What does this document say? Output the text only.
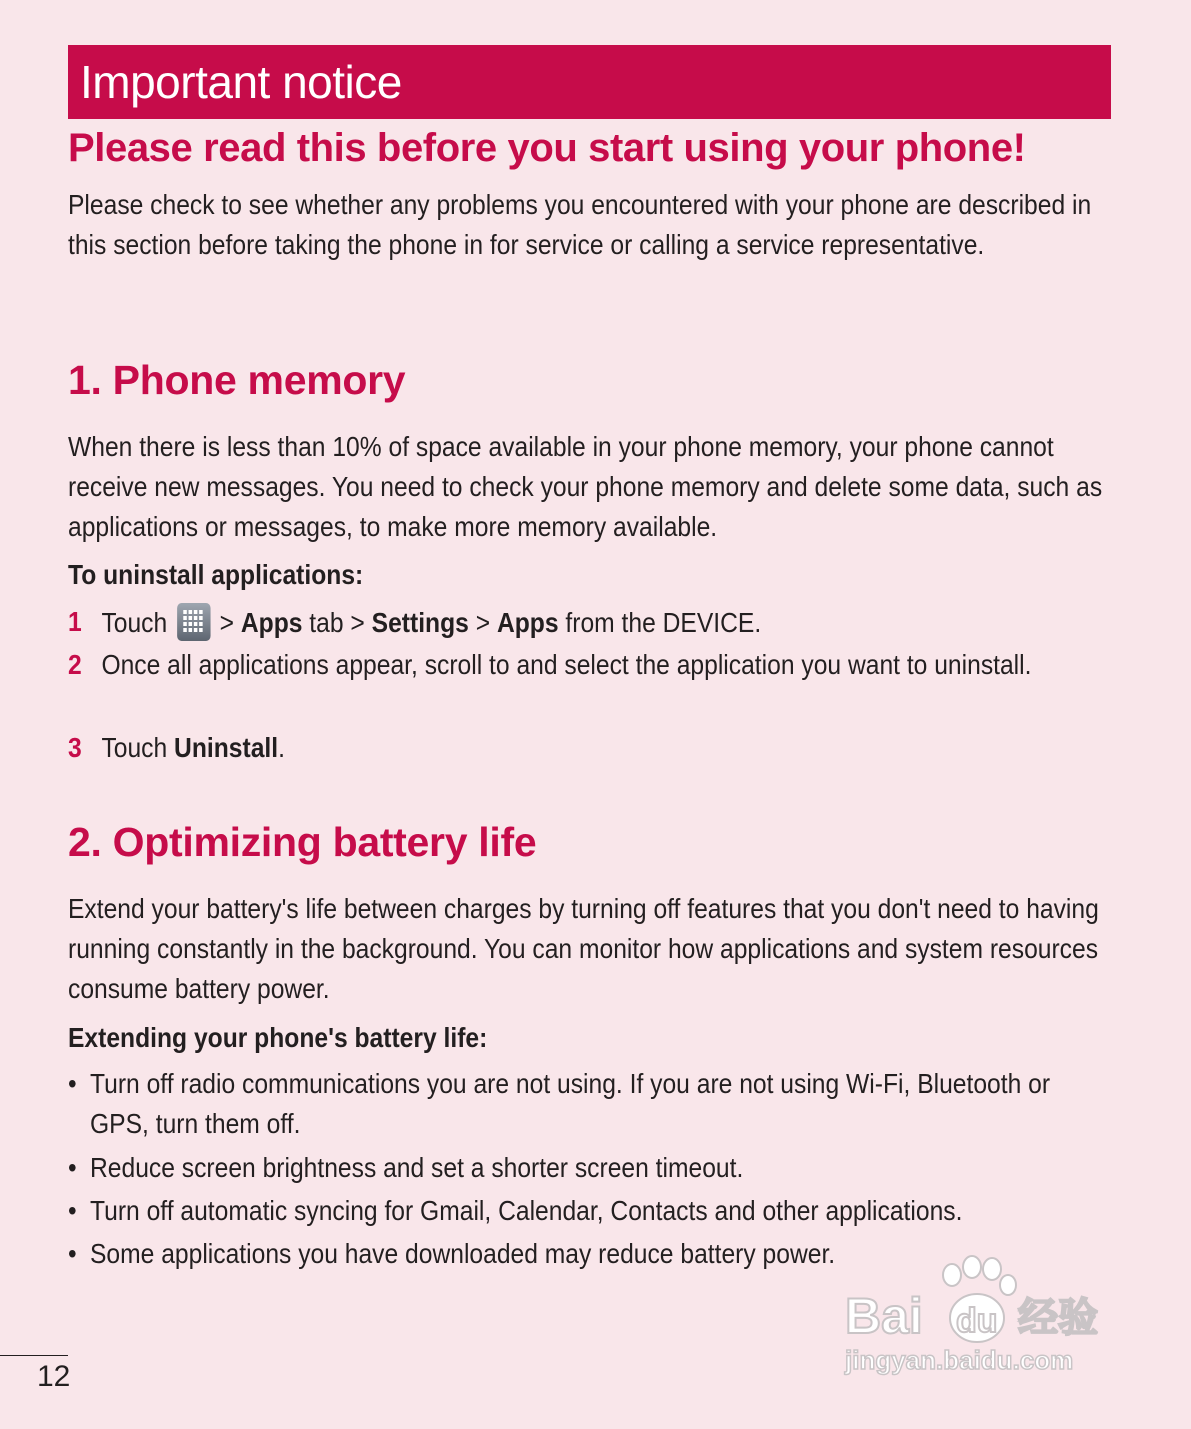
Important notice
Please read this before you start using your phone!
Please check to see whether any problems you encountered with your phone are described in this section before taking the phone in for service or calling a service representative.
1. Phone memory
When there is less than 10% of space available in your phone memory, your phone cannot receive new messages. You need to check your phone memory and delete some data, such as applications or messages, to make more memory available.
To uninstall applications:
1 Touch > Apps tab > Settings > Apps from the DEVICE.
2 Once all applications appear, scroll to and select the application you want to uninstall.
3 Touch Uninstall.
2. Optimizing battery life
Extend your battery's life between charges by turning off features that you don't need to having running constantly in the background. You can monitor how applications and system resources consume battery power.
Extending your phone's battery life:
• Turn off radio communications you are not using. If you are not using Wi-Fi, Bluetooth or GPS, turn them off.
• Reduce screen brightness and set a shorter screen timeout.
• Turn off automatic syncing for Gmail, Calendar, Contacts and other applications.
• Some applications you have downloaded may reduce battery power.
12
Bai du 经验
jingyan.baidu.com
